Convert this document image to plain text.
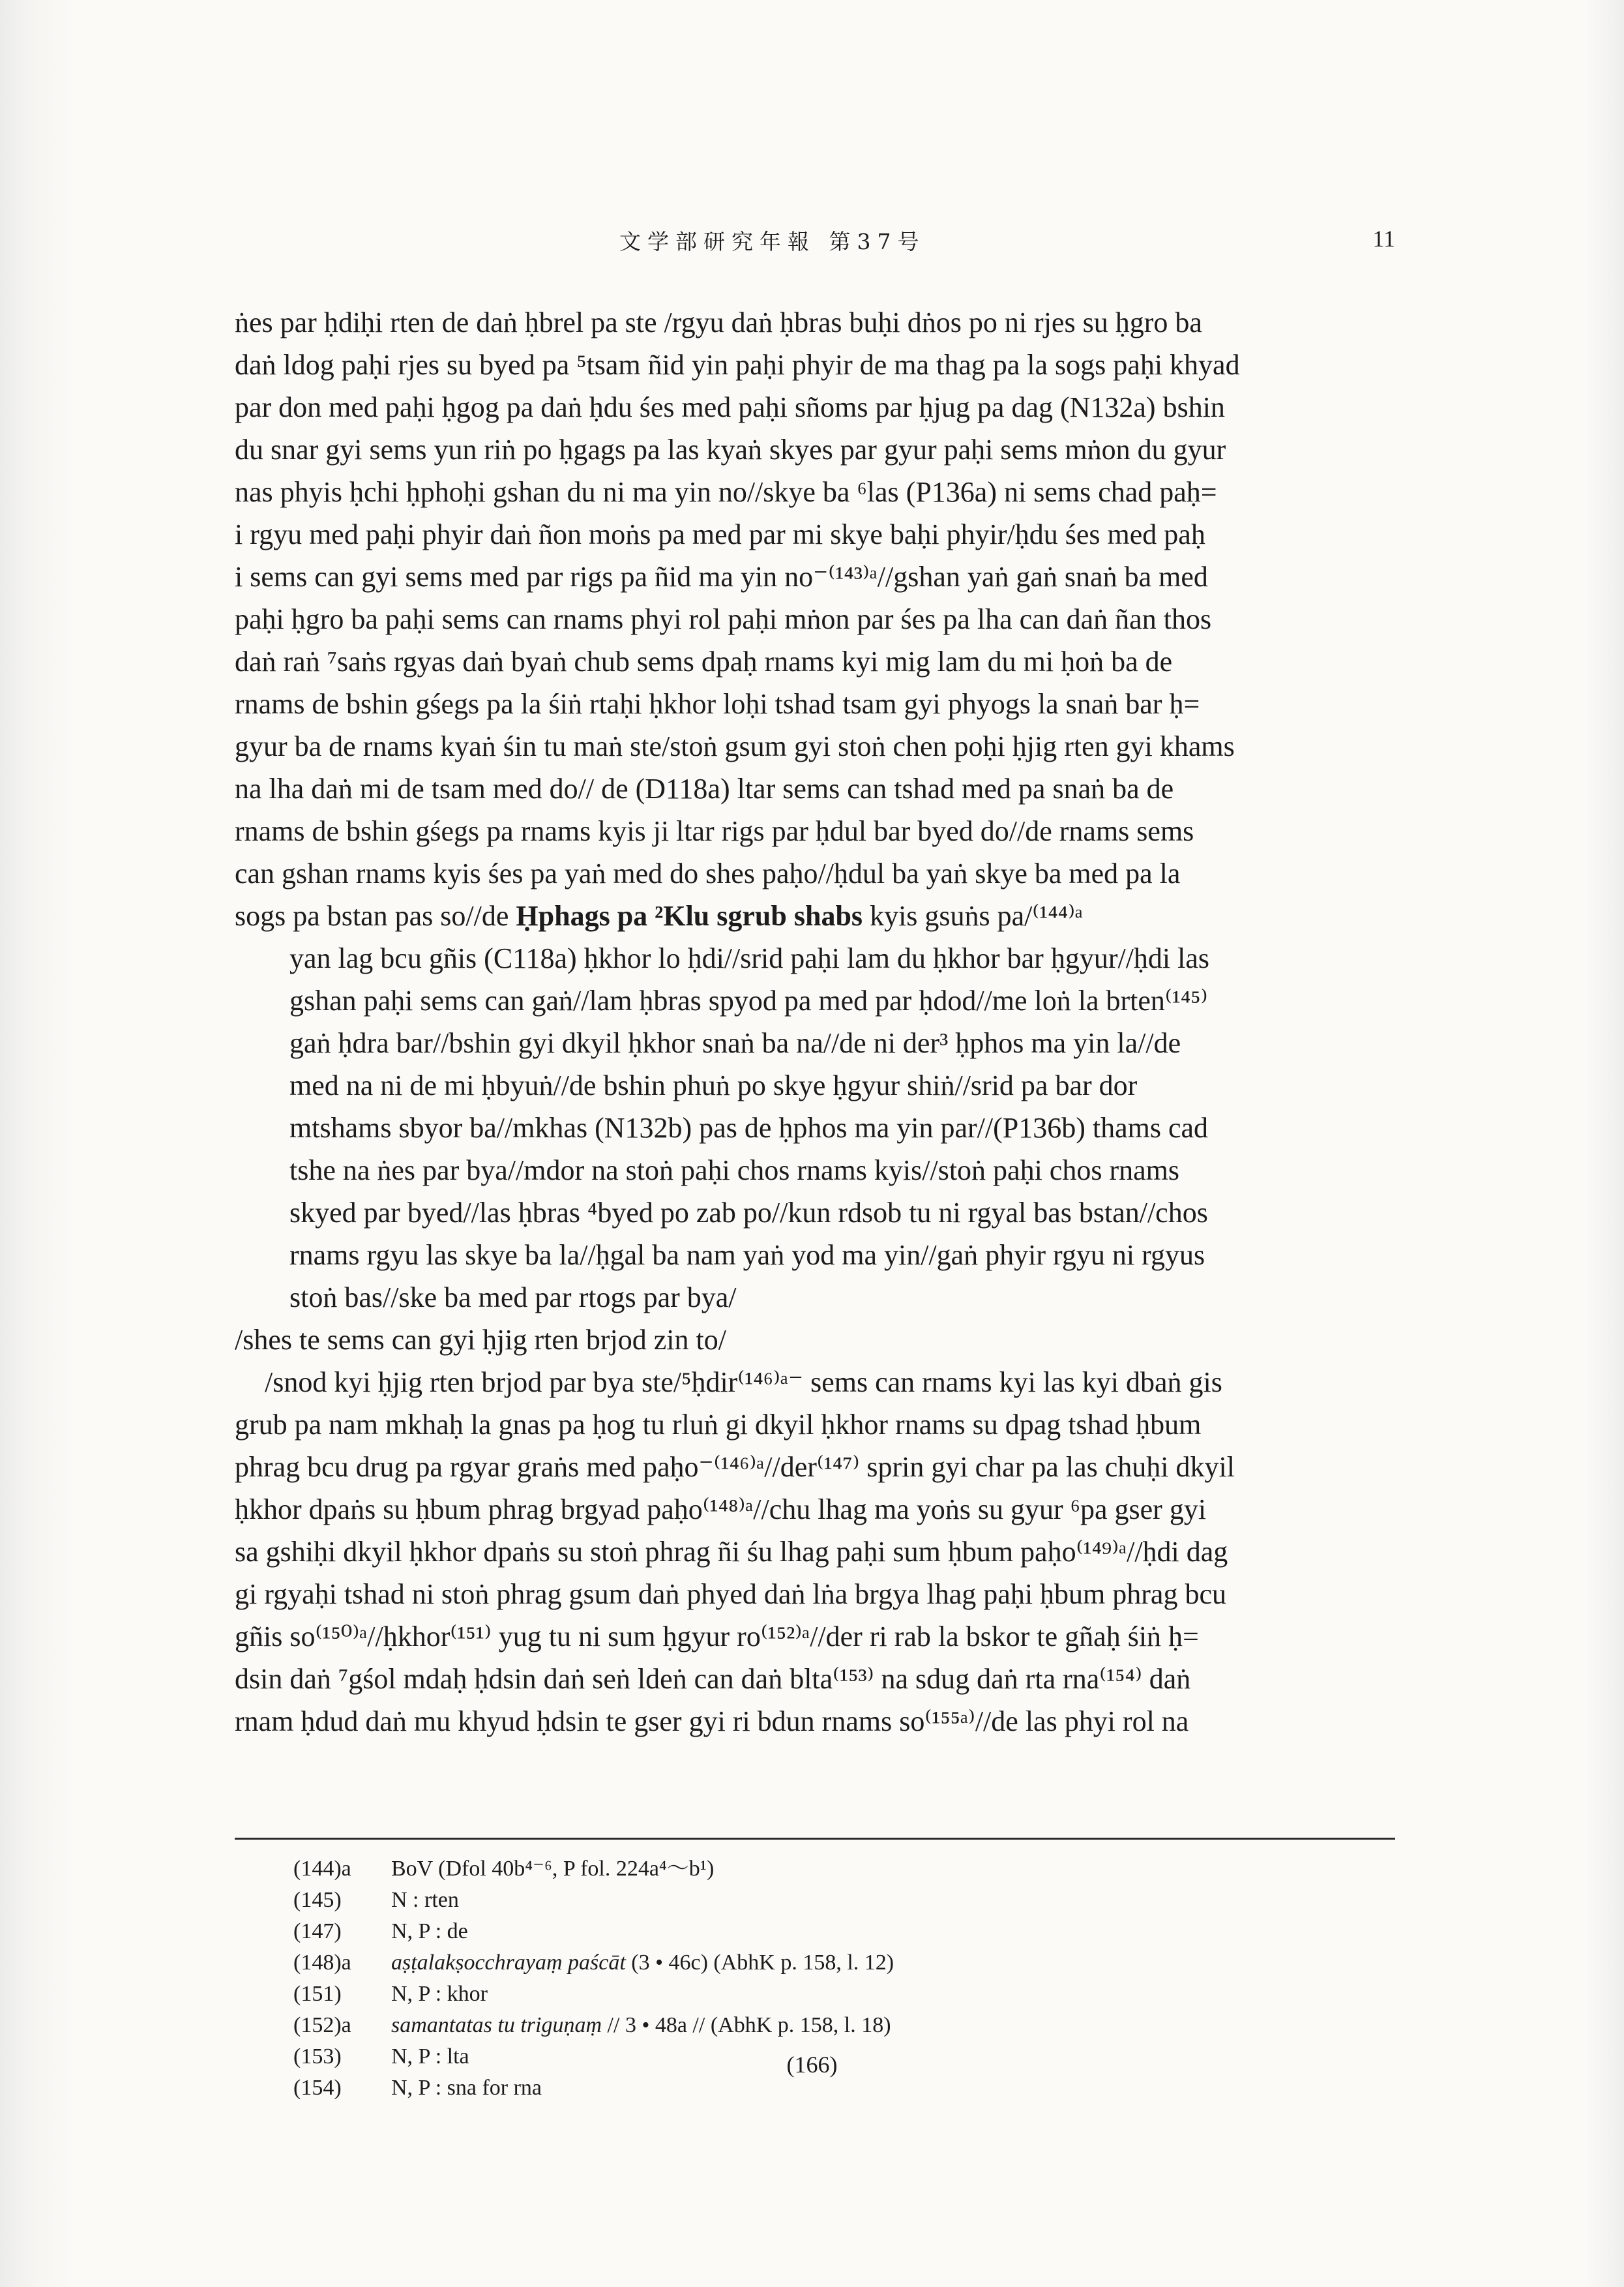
文学部研究年報 第37号	11
ṅes par ḥdiḥi rten de daṅ ḥbrel pa ste /rgyu daṅ ḥbras buḥi dṅos po ni rjes su ḥgro ba
daṅ ldog paḥi rjes su byed pa ⁵tsam ñid yin paḥi phyir de ma thag pa la sogs paḥi khyad
par don med paḥi ḥgog pa daṅ ḥdu śes med paḥi sñoms par ḥjug pa dag (N132a) bshin
du snar gyi sems yun riṅ po ḥgags pa las kyaṅ skyes par gyur paḥi sems mṅon du gyur
nas phyis ḥchi ḥphoḥi gshan du ni ma yin no//skye ba ⁶las (P136a) ni sems chad paḥ=
i rgyu med paḥi phyir daṅ ñon moṅs pa med par mi skye baḥi phyir/ḥdu śes med paḥ
i sems can gyi sems med par rigs pa ñid ma yin no⁻⁽¹⁴³⁾ᵃ//gshan yaṅ gaṅ snaṅ ba med
paḥi ḥgro ba paḥi sems can rnams phyi rol paḥi mṅon par śes pa lha can daṅ ñan thos
daṅ raṅ ⁷saṅs rgyas daṅ byaṅ chub sems dpaḥ rnams kyi mig lam du mi ḥoṅ ba de
rnams de bshin gśegs pa la śiṅ rtaḥi ḥkhor loḥi tshad tsam gyi phyogs la snaṅ bar ḥ=
gyur ba de rnams kyaṅ śin tu maṅ ste/stoṅ gsum gyi stoṅ chen poḥi ḥjig rten gyi khams
na lha daṅ mi de tsam med do// de (D118a) ltar sems can tshad med pa snaṅ ba de
rnams de bshin gśegs pa rnams kyis ji ltar rigs par ḥdul bar byed do//de rnams sems
can gshan rnams kyis śes pa yaṅ med do shes paḥo//ḥdul ba yaṅ skye ba med pa la
sogs pa bstan pas so//de Ḥphags pa ²Klu sgrub shabs kyis gsuṅs pa/⁽¹⁴⁴⁾ᵃ
yan lag bcu gñis (C118a) ḥkhor lo ḥdi//srid paḥi lam du ḥkhor bar ḥgyur//ḥdi las
gshan paḥi sems can gaṅ//lam ḥbras spyod pa med par ḥdod//me loṅ la brten⁽¹⁴⁵⁾
gaṅ ḥdra bar//bshin gyi dkyil ḥkhor snaṅ ba na//de ni der³ ḥphos ma yin la//de
med na ni de mi ḥbyuṅ//de bshin phuṅ po skye ḥgyur shiṅ//srid pa bar dor
mtshams sbyor ba//mkhas (N132b) pas de ḥphos ma yin par//(P136b) thams cad
tshe na ṅes par bya//mdor na stoṅ paḥi chos rnams kyis//stoṅ paḥi chos rnams
skyed par byed//las ḥbras ⁴byed po zab po//kun rdsob tu ni rgyal bas bstan//chos
rnams rgyu las skye ba la//ḥgal ba nam yaṅ yod ma yin//gaṅ phyir rgyu ni rgyus
stoṅ bas//ske ba med par rtogs par bya/
/shes te sems can gyi ḥjig rten brjod zin to/
/snod kyi ḥjig rten brjod par bya ste/⁵ḥdir⁽¹⁴⁶⁾ᵃ⁻ sems can rnams kyi las kyi dbaṅ gis
grub pa nam mkhaḥ la gnas pa ḥog tu rluṅ gi dkyil ḥkhor rnams su dpag tshad ḥbum
phrag bcu drug pa rgyar graṅs med paḥo⁻⁽¹⁴⁶⁾ᵃ//der⁽¹⁴⁷⁾ sprin gyi char pa las chuḥi dkyil
ḥkhor dpaṅs su ḥbum phrag brgyad paḥo⁽¹⁴⁸⁾ᵃ//chu lhag ma yoṅs su gyur ⁶pa gser gyi
sa gshiḥi dkyil ḥkhor dpaṅs su stoṅ phrag ñi śu lhag paḥi sum ḥbum paḥo⁽¹⁴⁹⁾ᵃ//ḥdi dag
gi rgyaḥi tshad ni stoṅ phrag gsum daṅ phyed daṅ lṅa brgya lhag paḥi ḥbum phrag bcu
gñis so⁽¹⁵⁰⁾ᵃ//ḥkhor⁽¹⁵¹⁾ yug tu ni sum ḥgyur ro⁽¹⁵²⁾ᵃ//der ri rab la bskor te gñaḥ śiṅ ḥ=
dsin daṅ ⁷gśol mdaḥ ḥdsin daṅ seṅ ldeṅ can daṅ blta⁽¹⁵³⁾ na sdug daṅ rta rna⁽¹⁵⁴⁾ daṅ
rnam ḥdud daṅ mu khyud ḥdsin te gser gyi ri bdun rnams so⁽¹⁵⁵ᵃ⁾//de las phyi rol na
(144)a	BoV (Dfol 40b⁴⁻⁶, P fol. 224a⁴～b¹)
(145)	N : rten
(147)	N, P : de
(148)a	aṣṭalakṣocchrayaṃ paścāt (3 • 46c) (AbhK p. 158, l. 12)
(151)	N, P : khor
(152)a	samantatas tu triguṇaṃ // 3 • 48a // (AbhK p. 158, l. 18)
(153)	N, P : lta
(154)	N, P : sna for rna
(166)
